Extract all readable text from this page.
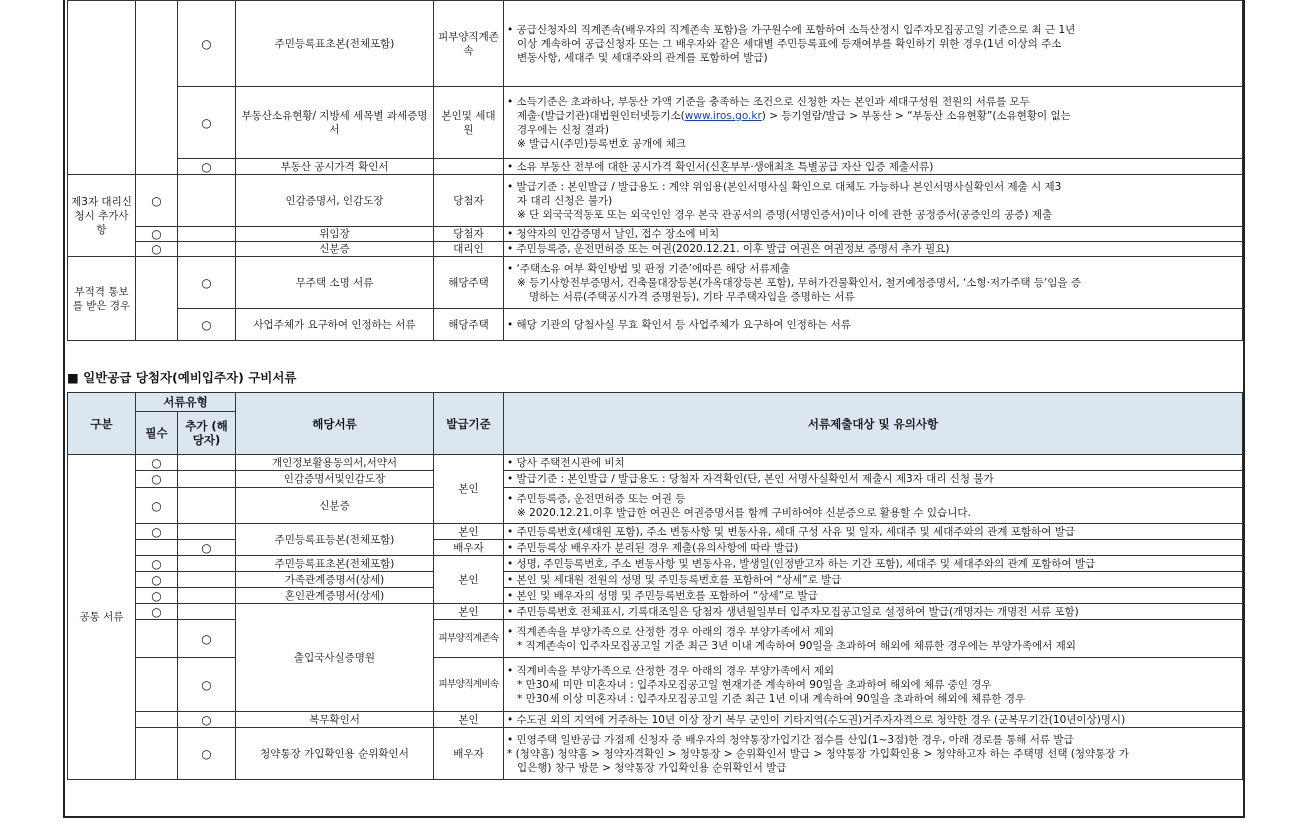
		○	주민등록표초본(전체포함)	피부양직계존속	• 공급신청자의 직계존속(배우자의 직계존속 포함)을 가구원수에 포함하여 소득산정시 입주자모집공고일 기준으로 최 근 1년
이상 계속하여 공급신청자 또는 그 배우자와 같은 세대별 주민등록표에 등재여부를 확인하기 위한 경우(1년 이상의 주소
변동사항, 세대주 및 세대주와의 관계를 포함하여 발급)

		○	부동산소유현황/ 지방세 세목별 과세증명서	본인및 세대원	• 소득기준은 초과하나, 부동산 가액 기준을 충족하는 조건으로 신청한 자는 본인과 세대구성원 전원의 서류를 모두
제출·(발급기관)대법원인터넷등기소(www.iros.go.kr) > 등기열람/발급 > 부동산 > “부동산 소유현황”(소유현황이 없는
경우에는 신청 결과)
※ 발급시(주민)등록번호 공개에 체크

		○	부동산 공시가격 확인서		• 소유 부동산 전부에 대한 공시가격 확인서(신혼부부·생애최초 특별공급 자산 입증 제출서류)
제3자 대리신청시 추가사항	○		인감증명서, 인감도장	당첨자	• 발급기준 : 본인발급 / 발급용도 : 계약 위임용(본인서명사실 확인으로 대체도 가능하나 본인서명사실확인서 제출 시 제3
자 대리 신청은 불가)
※ 단 외국국적동포 또는 외국인인 경우 본국 관공서의 증명(서명인증서)이나 이에 관한 공정증서(공증인의 공증) 제출

	○		위임장	당첨자	• 청약자의 인감증명서 날인, 접수 장소에 비치
	○		신분증	대리인	• 주민등록증, 운전면허증 또는 여권(2020.12.21. 이후 발급 여권은 여권정보 증명서 추가 필요)
부적격 통보를 받은 경우		○	무주택 소명 서류	해당주택	• ‘주택소유 여부 확인방법 및 판정 기준’에따른 해당 서류제출
※ 등기사항전부증명서, 건축물대장등본(가옥대장등본 포함), 무허가건물확인서, 철거예정증명서, ‘소형·저가주택 등’임을 증
명하는 서류(주택공시가격 증명원등), 기타 무주택자임을 증명하는 서류

		○	사업주체가 요구하여 인정하는 서류	해당주택	• 해당 기관의 당첨사실 무효 확인서 등 사업주체가 요구하여 인정하는 서류
■ 일반공급 당첨자(예비입주자) 구비서류
구분	서류유형		해당서류	발급기준	서류제출대상 및 유의사항
	필수	추가 (해당자)			
공통 서류	○		개인정보활용동의서,서약서	본인	• 당사 주택전시관에 비치
	○		인감증명서및인감도장		• 발급기준 : 본인발급 / 발급용도 : 당첨자 자격확인(단, 본인 서명사실확인서 제출시 제3자 대리 신청 불가
	○		신분증		• 주민등록증, 운전면허증 또는 여권 등
※ 2020.12.21.이후 발급한 여권은 여권증명서를 함께 구비하여야 신분증으로 활용할 수 있습니다.

	○		주민등록표등본(전체포함)	본인	• 주민등록번호(세대원 포함), 주소 변동사항 및 변동사유, 세대 구성 사유 및 일자, 세대주 및 세대주와의 관계 포함하여 발급
		○		배우자	• 주민등록상 배우자가 분리된 경우 제출(유의사항에 따라 발급)
	○		주민등록표초본(전체포함)	본인	• 성명, 주민등록번호, 주소 변동사항 및 변동사유, 발생일(인정받고자 하는 기간 포함), 세대주 및 세대주와의 관계 포함하여 발급
	○		가족관계증명서(상세)		• 본인 및 세대원 전원의 성명 및 주민등록번호를 포함하여 “상세”로 발급
	○		혼인관계증명서(상세)		• 본인 및 배우자의 성명 및 주민등록번호를 포함하여 “상세”로 발급
	○		출입국사실증명원	본인	• 주민등록번호 전체표시, 기록대조일은 당첨자 생년월일부터 입주자모집공고일로 설정하여 발급(개명자는 개명전 서류 포함)
		○		피부양직계존속	• 직계존속을 부양가족으로 산정한 경우 아래의 경우 부양가족에서 제외
* 직계존속이 입주자모집공고일 기준 최근 3년 이내 계속하여 90일을 초과하여 해외에 체류한 경우에는 부양가족에서 제외

		○		피부양직계비속	• 직계비속을 부양가족으로 산정한 경우 아래의 경우 부양가족에서 제외
* 만30세 미만 미혼자녀 : 입주자모집공고일 현재기준 계속하여 90일을 초과하여 해외에 체류 중인 경우
* 만30세 이상 미혼자녀 : 입주자모집공고일 기준 최근 1년 이내 계속하여 90일을 초과하여 해외에 체류한 경우

		○	복무확인서	본인	• 수도권 외의 지역에 거주하는 10년 이상 장기 복무 군인이 기타지역(수도권)거주자자격으로 청약한 경우 (군복무기간(10년이상)명시)
		○	청약통장 가입확인용 순위확인서	배우자	• 민영주택 일반공급 가점제 신청자 중 배우자의 청약통장가입기간 점수를 산입(1~3점)한 경우, 아래 경로를 통해 서류 발급
* (청약홈) 청약홈 > 청약자격확인 > 청약통장 > 순위확인서 발급 > 청약통장 가입확인용 > 청약하고자 하는 주택명 선택 (청약통장 가
입은행) 창구 방문 > 청약통장 가입확인용 순위확인서 발급
